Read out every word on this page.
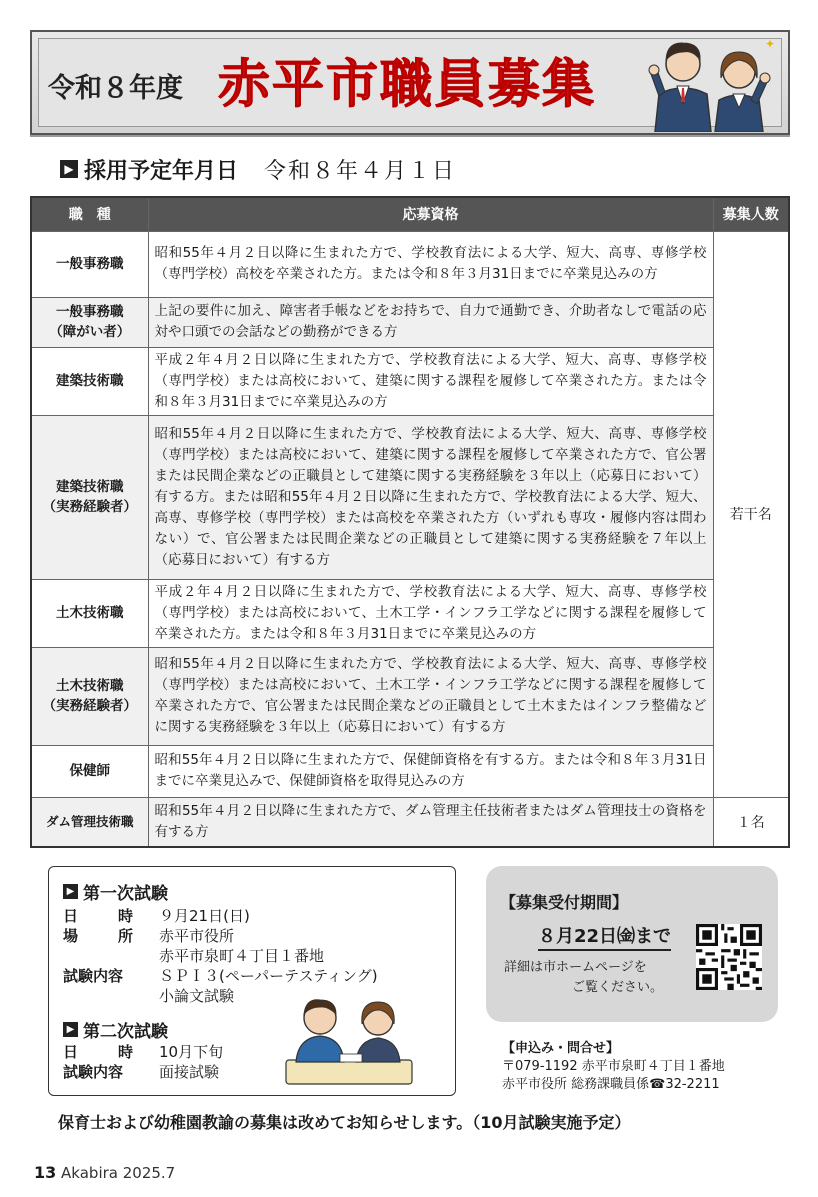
令和８年度 赤平市職員募集
✦
▶ 採用予定年月日 令和８年４月１日
職　種	応募資格	募集人数
一般事務職	昭和55年４月２日以降に生まれた方で、学校教育法による大学、短大、高専、専修学校（専門学校）高校を卒業された方。または令和８年３月31日までに卒業見込みの方	若干名
一般事務職
（障がい者）	上記の要件に加え、障害者手帳などをお持ちで、自力で通勤でき、介助者なしで電話の応対や口頭での会話などの勤務ができる方	
建築技術職	平成２年４月２日以降に生まれた方で、学校教育法による大学、短大、高専、専修学校（専門学校）または高校において、建築に関する課程を履修して卒業された方。または令和８年３月31日までに卒業見込みの方	
建築技術職
（実務経験者）	昭和55年４月２日以降に生まれた方で、学校教育法による大学、短大、高専、専修学校（専門学校）または高校において、建築に関する課程を履修して卒業された方で、官公署または民間企業などの正職員として建築に関する実務経験を３年以上（応募日において）有する方。または昭和55年４月２日以降に生まれた方で、学校教育法による大学、短大、高専、専修学校（専門学校）または高校を卒業された方（いずれも専攻・履修内容は問わない）で、官公署または民間企業などの正職員として建築に関する実務経験を７年以上（応募日において）有する方	
土木技術職	平成２年４月２日以降に生まれた方で、学校教育法による大学、短大、高専、専修学校（専門学校）または高校において、土木工学・インフラ工学などに関する課程を履修して卒業された方。または令和８年３月31日までに卒業見込みの方	
土木技術職
（実務経験者）	昭和55年４月２日以降に生まれた方で、学校教育法による大学、短大、高専、専修学校（専門学校）または高校において、土木工学・インフラ工学などに関する課程を履修して卒業された方で、官公署または民間企業などの正職員として土木またはインフラ整備などに関する実務経験を３年以上（応募日において）有する方	
保健師	昭和55年４月２日以降に生まれた方で、保健師資格を有する方。または令和８年３月31日までに卒業見込みで、保健師資格を取得見込みの方	
ダム管理技術職	昭和55年４月２日以降に生まれた方で、ダム管理主任技術者またはダム管理技士の資格を有する方	１名
▶ 第一次試験
日	時 ９月21日(日)
場	所 赤平市役所
赤平市泉町４丁目１番地
試験内容	ＳＰＩ３(ペーパーテスティング)
小論文試験
▶ 第二次試験
日	時 10月下旬
試験内容	面接試験
【募集受付期間】
８月22日㈮まで
詳細は市ホームページを
ご覧ください。
【申込み・問合せ】
〒079-1192 赤平市泉町４丁目１番地
赤平市役所 総務課職員係☎32-2211
保育士および幼稚園教諭の募集は改めてお知らせします。（10月試験実施予定）
13 Akabira 2025.7
